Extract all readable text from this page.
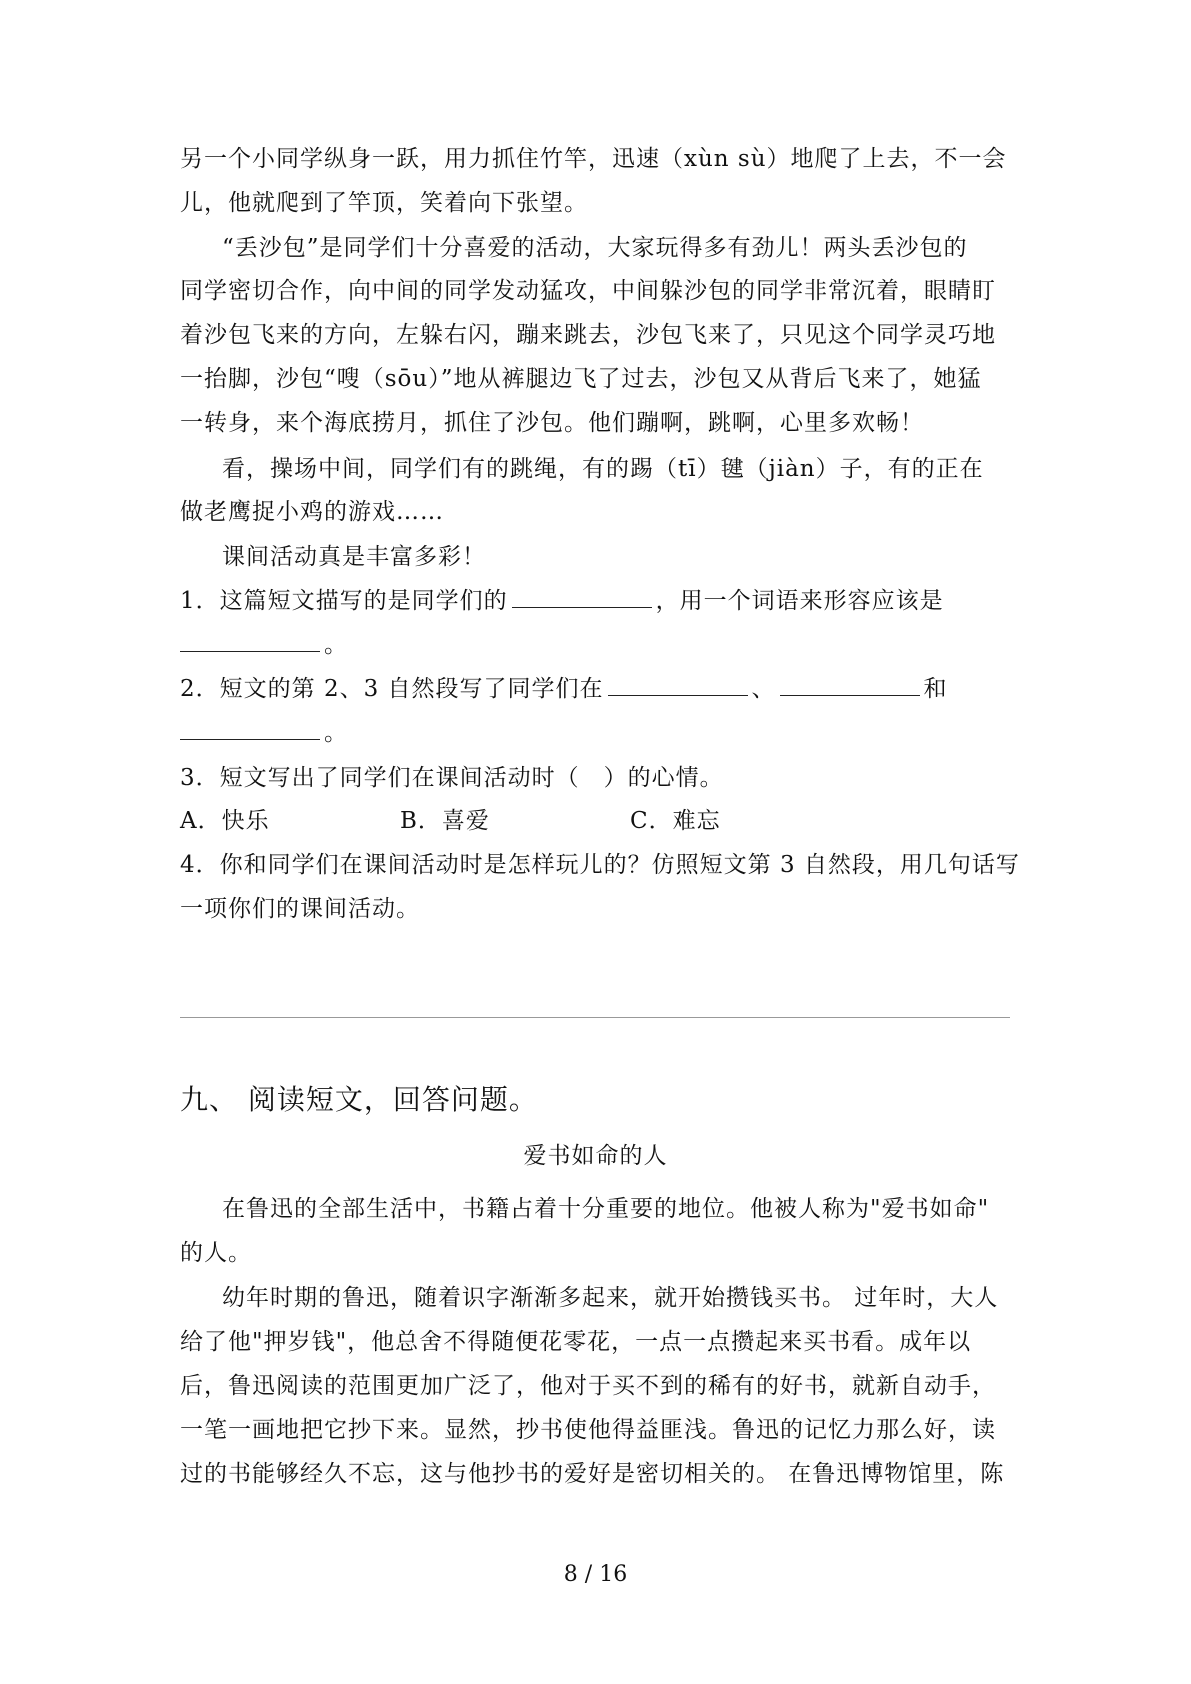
另一个小同学纵身一跃，用力抓住竹竿，迅速（xùn sù）地爬了上去，不一会
儿，他就爬到了竿顶，笑着向下张望。
“丢沙包”是同学们十分喜爱的活动，大家玩得多有劲儿！两头丢沙包的
同学密切合作，向中间的同学发动猛攻，中间躲沙包的同学非常沉着，眼睛盯
着沙包飞来的方向，左躲右闪，蹦来跳去，沙包飞来了，只见这个同学灵巧地
一抬脚，沙包“嗖（sōu）”地从裤腿边飞了过去，沙包又从背后飞来了，她猛
一转身，来个海底捞月，抓住了沙包。他们蹦啊，跳啊，心里多欢畅！
看，操场中间，同学们有的跳绳，有的踢（tī）毽（jiàn）子，有的正在
做老鹰捉小鸡的游戏……
课间活动真是丰富多彩！
1．这篇短文描写的是同学们的	，用一个词语来形容应该是
。
2．短文的第 2、3 自然段写了同学们在	、	和
。
3．短文写出了同学们在课间活动时（　）的心情。
A．快乐	B．喜爱	C．难忘
4．你和同学们在课间活动时是怎样玩儿的？仿照短文第 3 自然段，用几句话写
一项你们的课间活动。
九、 阅读短文，回答问题。
爱书如命的人
在鲁迅的全部生活中，书籍占着十分重要的地位。他被人称为"爱书如命"
的人。
幼年时期的鲁迅，随着识字渐渐多起来，就开始攒钱买书。 过年时，大人
给了他"押岁钱"，他总舍不得随便花零花，一点一点攒起来买书看。成年以
后，鲁迅阅读的范围更加广泛了，他对于买不到的稀有的好书，就新自动手，
一笔一画地把它抄下来。显然，抄书使他得益匪浅。鲁迅的记忆力那么好，读
过的书能够经久不忘，这与他抄书的爱好是密切相关的。 在鲁迅博物馆里，陈
8 / 16
